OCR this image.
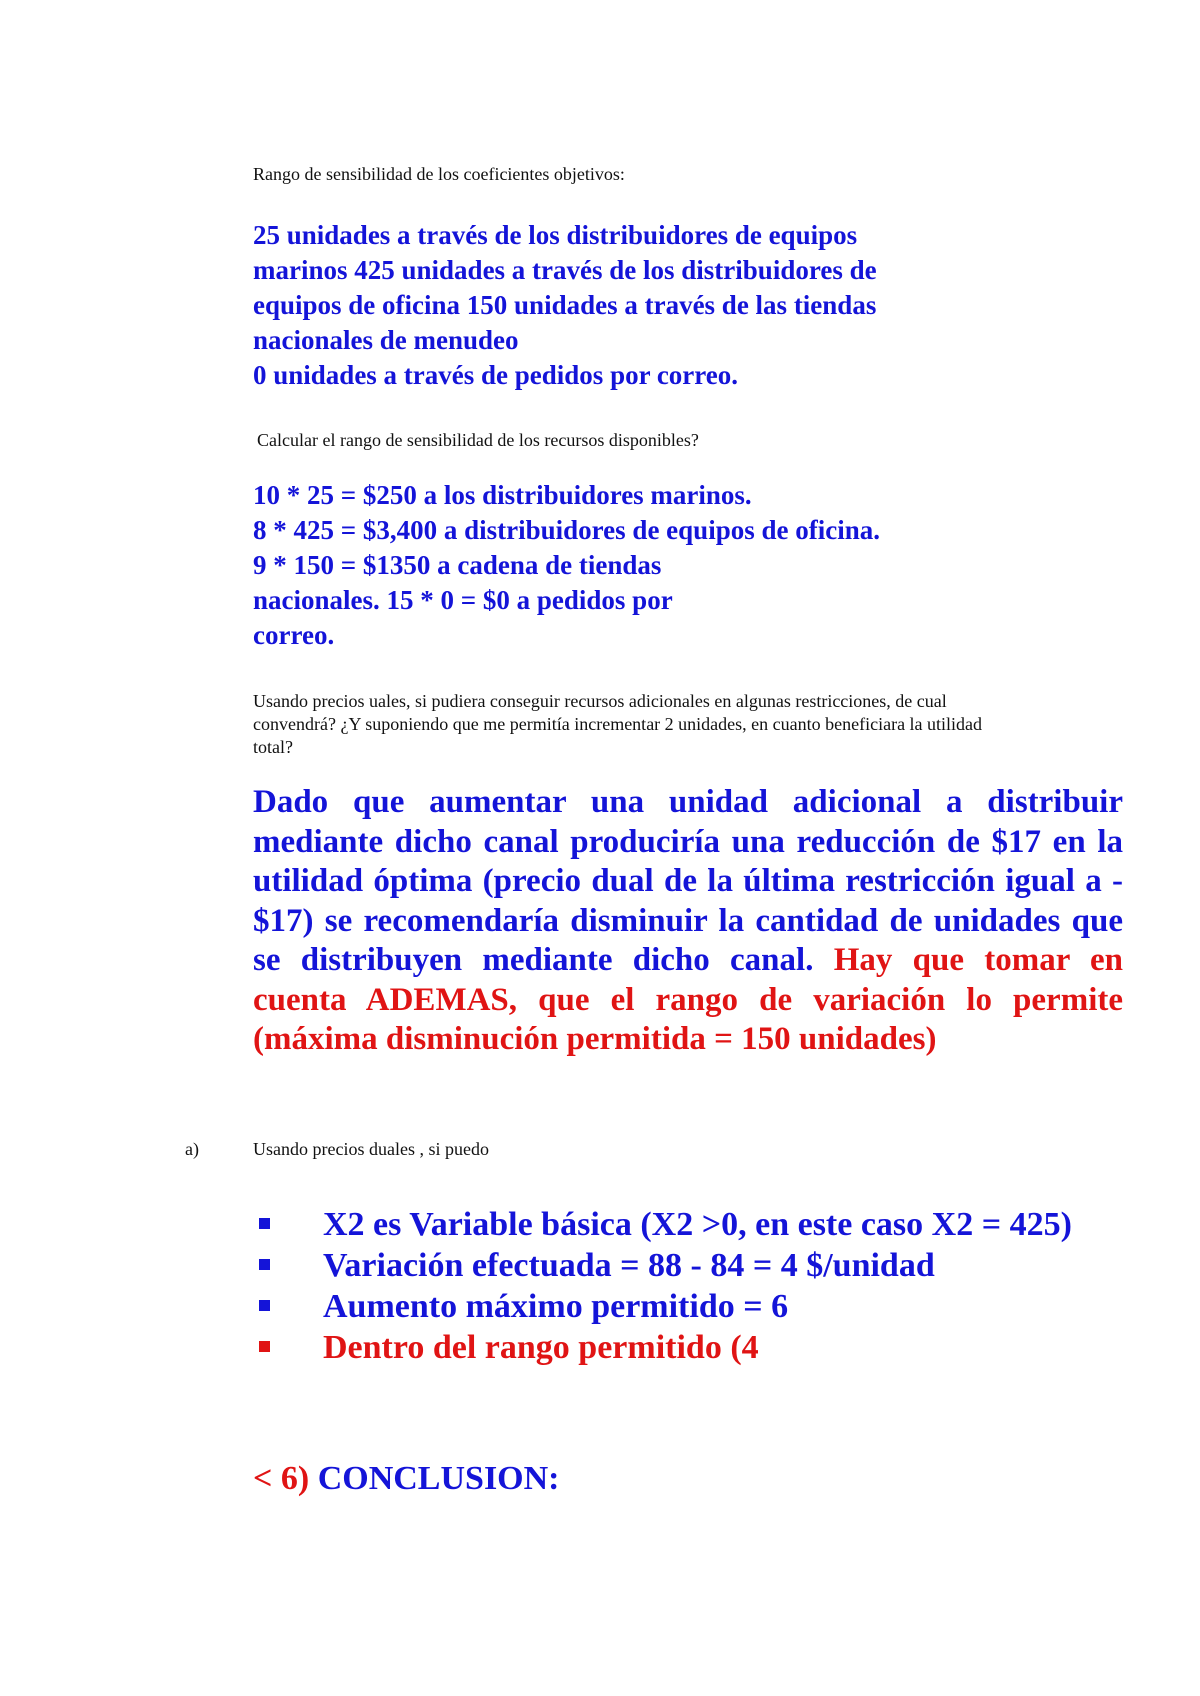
Rango de sensibilidad de los coeficientes objetivos:
25 unidades a través de los distribuidores de equipos
marinos 425 unidades a través de los distribuidores de
equipos de oficina 150 unidades a través de las tiendas
nacionales de menudeo
0 unidades a través de pedidos por correo.
Calcular el rango de sensibilidad de los recursos disponibles?
10 * 25 = $250 a los distribuidores marinos.
8 * 425 = $3,400 a distribuidores de equipos de oficina.
9 * 150 = $1350 a cadena de tiendas
nacionales. 15 * 0 = $0 a pedidos por
correo.
Usando precios uales, si pudiera conseguir recursos adicionales en algunas restricciones, de cual
convendrá? ¿Y suponiendo que me permitía incrementar 2 unidades, en cuanto beneficiara la utilidad
total?
Dado que aumentar una unidad adicional a distribuir mediante dicho canal produciría una reducción de $17 en la utilidad óptima (precio dual de la última restricción igual a - $17) se recomendaría disminuir la cantidad de unidades que se distribuyen mediante dicho canal. Hay que tomar en cuenta ADEMAS, que el rango de variación lo permite (máxima disminución permitida = 150 unidades)
a)	Usando precios duales , si puedo
X2 es Variable básica (X2 >0, en este caso X2 = 425)
Variación efectuada = 88 - 84 = 4 $/unidad
Aumento máximo permitido = 6
Dentro del rango permitido (4
< 6) CONCLUSION:
